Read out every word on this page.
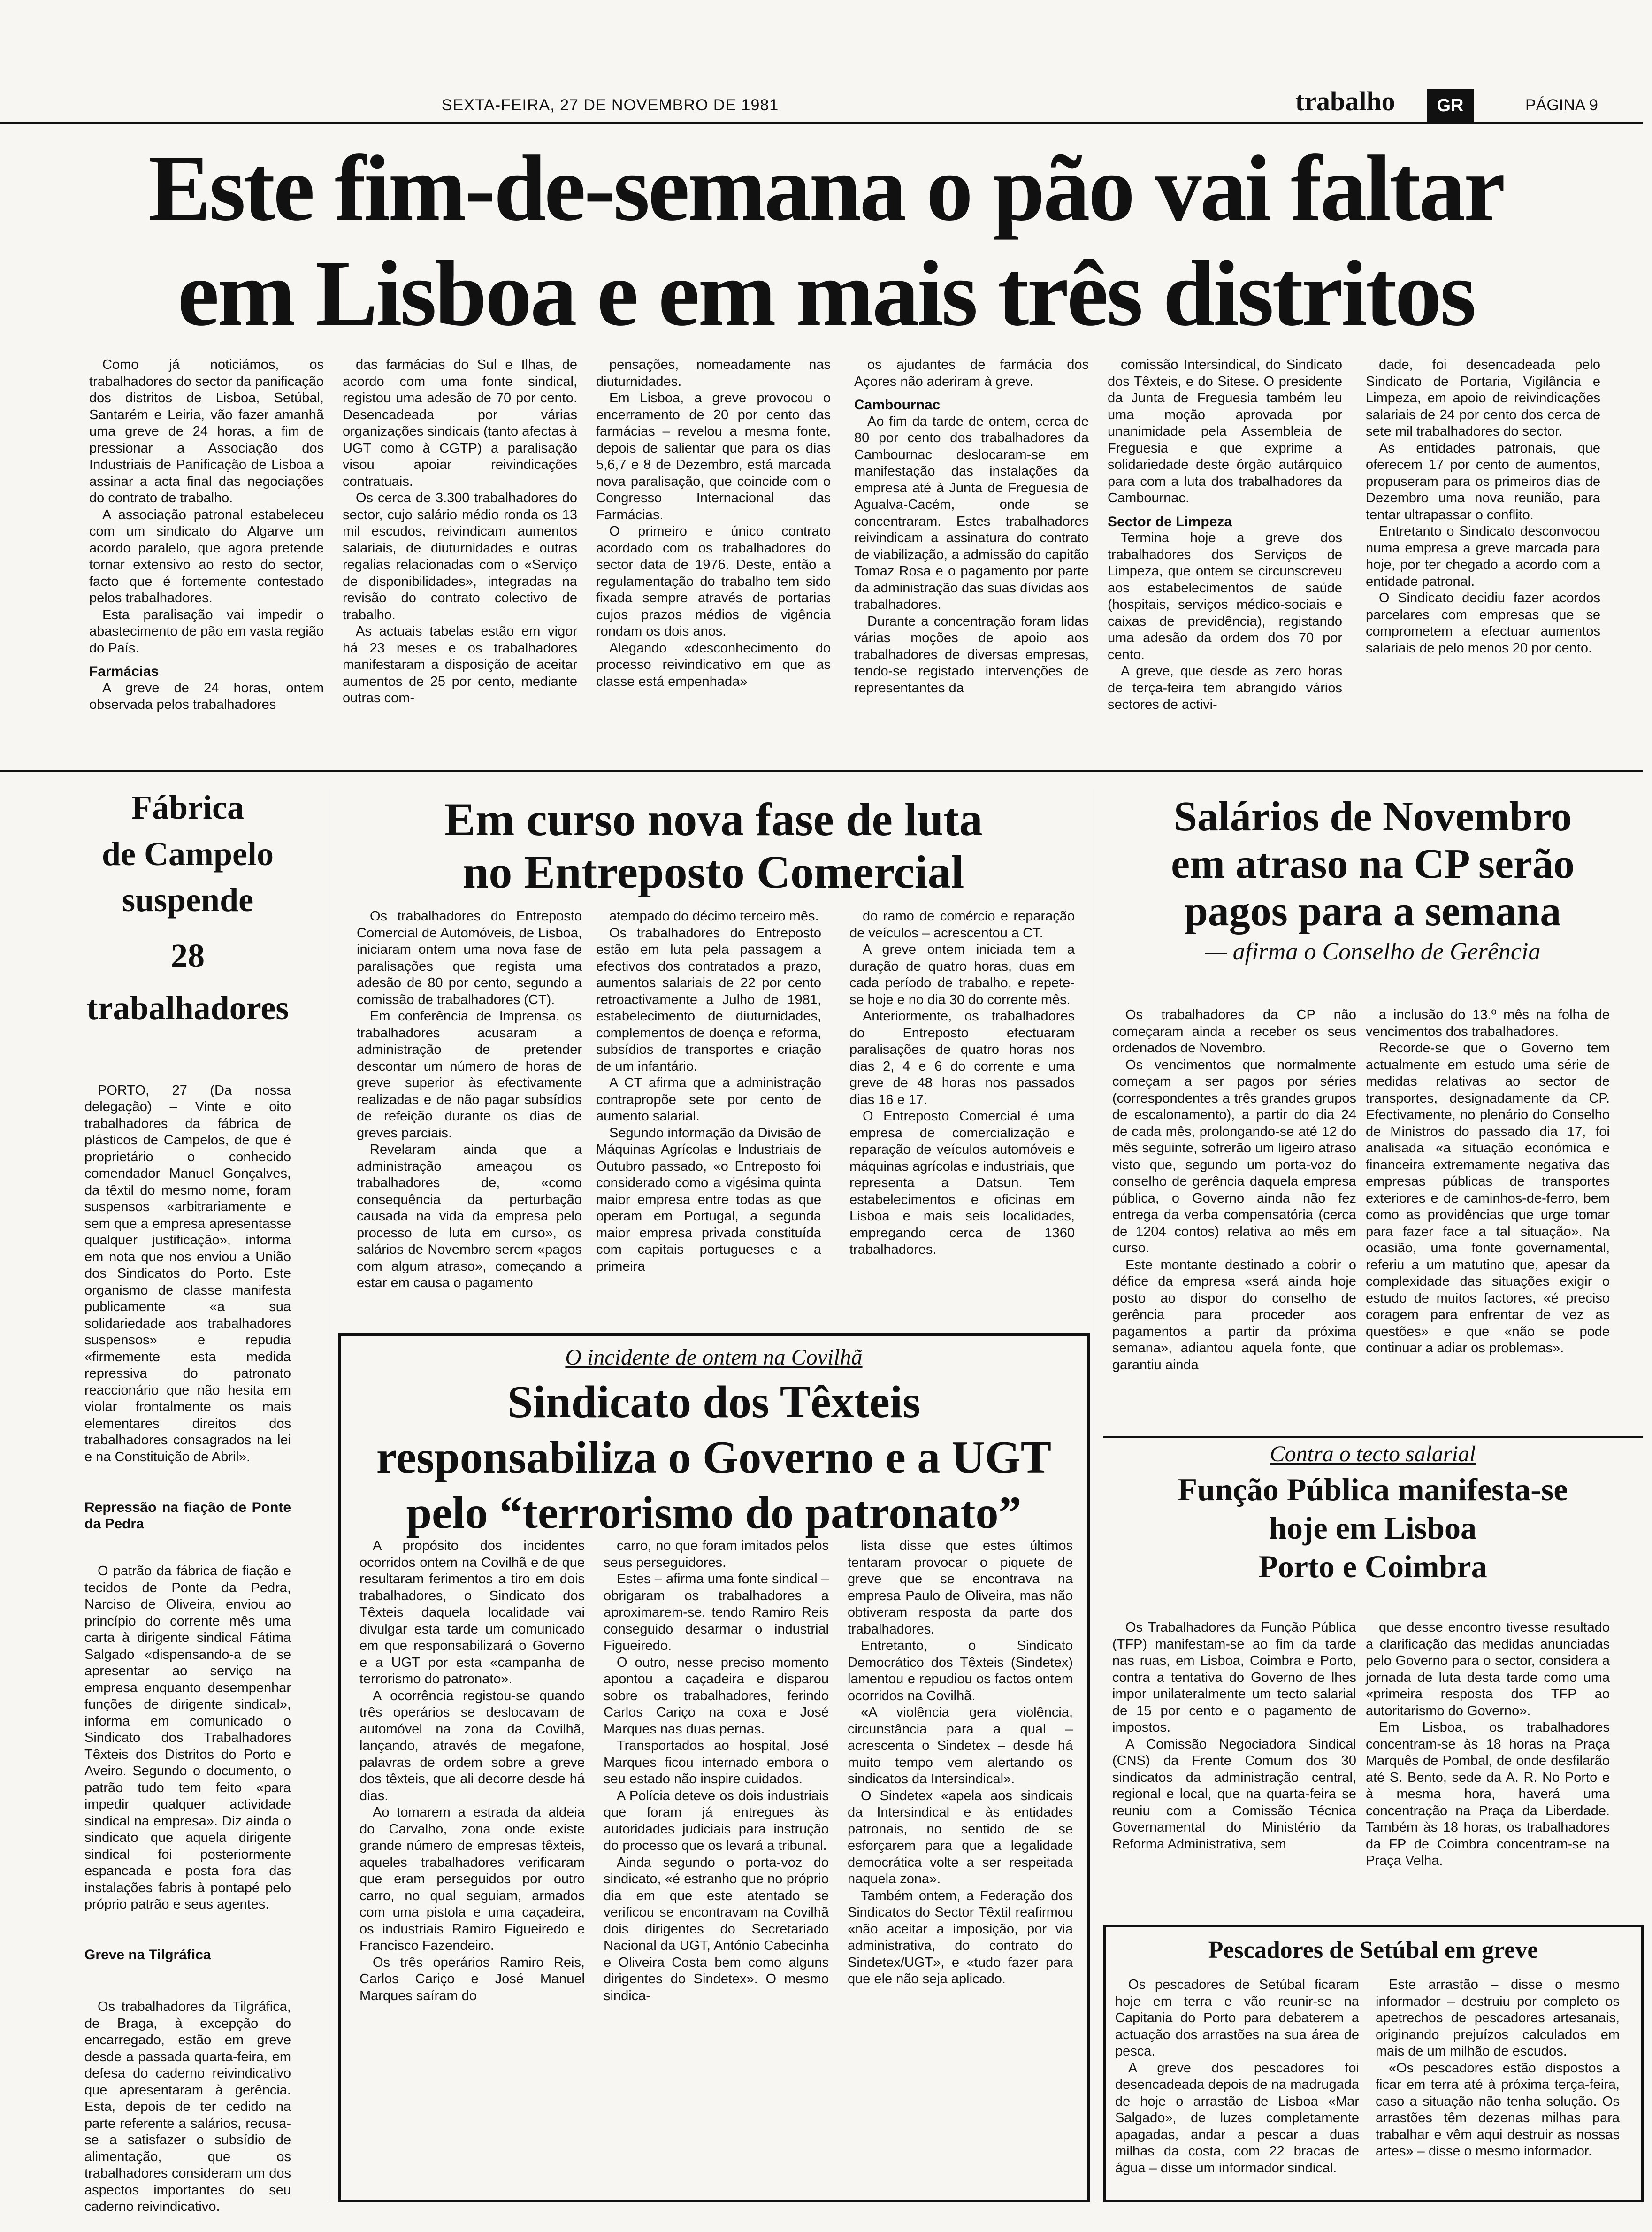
SEXTA-FEIRA, 27 DE NOVEMBRO DE 1981	trabalho	GR	PÁGINA 9

Este fim-de-semana o pão vai faltar

em Lisboa e em mais três distritos

Como já noticiámos, os trabalhadores do sector da panificação dos distritos de Lisboa, Setúbal, Santarém e Leiria, vão fazer amanhã uma greve de 24 horas, a fim de pressionar a Associação dos Industriais de Panificação de Lisboa a assinar a acta final das negociações do contrato de trabalho.

A associação patronal estabeleceu com um sindicato do Algarve um acordo paralelo, que agora pretende tornar extensivo ao resto do sector, facto que é fortemente contestado pelos trabalhadores.

Esta paralisação vai impedir o abastecimento de pão em vasta região do País.

Farmácias

A greve de 24 horas, ontem observada pelos trabalhadores

das farmácias do Sul e Ilhas, de acordo com uma fonte sindical, registou uma adesão de 70 por cento. Desencadeada por várias organizações sindicais (tanto afectas à UGT como à CGTP) a paralisação visou apoiar reivindicações contratuais.

Os cerca de 3.300 trabalhadores do sector, cujo salário médio ronda os 13 mil escudos, reivindicam aumentos salariais, de diuturnidades e outras regalias relacionadas com o «Serviço de disponibilidades», integradas na revisão do contrato colectivo de trabalho.

As actuais tabelas estão em vigor há 23 meses e os trabalhadores manifestaram a disposição de aceitar aumentos de 25 por cento, mediante outras com-

pensações, nomeadamente nas diuturnidades.

Em Lisboa, a greve provocou o encerramento de 20 por cento das farmácias – revelou a mesma fonte, depois de salientar que para os dias 5,6,7 e 8 de Dezembro, está marcada nova paralisação, que coincide com o Congresso Internacional das Farmácias.

O primeiro e único contrato acordado com os trabalhadores do sector data de 1976. Deste, então a regulamentação do trabalho tem sido fixada sempre através de portarias cujos prazos médios de vigência rondam os dois anos.

Alegando «desconhecimento do processo reivindicativo em que as classe está empenhada»

os ajudantes de farmácia dos Açores não aderiram à greve.

Cambournac

Ao fim da tarde de ontem, cerca de 80 por cento dos trabalhadores da Cambournac deslocaram-se em manifestação das instalações da empresa até à Junta de Freguesia de Agualva-Cacém, onde se concentraram. Estes trabalhadores reivindicam a assinatura do contrato de viabilização, a admissão do capitão Tomaz Rosa e o pagamento por parte da administração das suas dívidas aos trabalhadores.

Durante a concentração foram lidas várias moções de apoio aos trabalhadores de diversas empresas, tendo-se registado intervenções de representantes da

comissão Intersindical, do Sindicato dos Têxteis, e do Sitese. O presidente da Junta de Freguesia também leu uma moção aprovada por unanimidade pela Assembleia de Freguesia e que exprime a solidariedade deste órgão autárquico para com a luta dos trabalhadores da Cambournac.

Sector de Limpeza

Termina hoje a greve dos trabalhadores dos Serviços de Limpeza, que ontem se circunscreveu aos estabelecimentos de saúde (hospitais, serviços médico-sociais e caixas de previdência), registando uma adesão da ordem dos 70 por cento.

A greve, que desde as zero horas de terça-feira tem abrangido vários sectores de activi-

dade, foi desencadeada pelo Sindicato de Portaria, Vigilância e Limpeza, em apoio de reivindicações salariais de 24 por cento dos cerca de sete mil trabalhadores do sector.

As entidades patronais, que oferecem 17 por cento de aumentos, propuseram para os primeiros dias de Dezembro uma nova reunião, para tentar ultrapassar o conflito.

Entretanto o Sindicato desconvocou numa empresa a greve marcada para hoje, por ter chegado a acordo com a entidade patronal.

O Sindicato decidiu fazer acordos parcelares com empresas que se comprometem a efectuar aumentos salariais de pelo menos 20 por cento.

Fábrica

de Campelo

suspende

28

trabalhadores

PORTO, 27 (Da nossa delegação) – Vinte e oito trabalhadores da fábrica de plásticos de Campelos, de que é proprietário o conhecido comendador Manuel Gonçalves, da têxtil do mesmo nome, foram suspensos «arbitrariamente e sem que a empresa apresentasse qualquer justificação», informa em nota que nos enviou a União dos Sindicatos do Porto. Este organismo de classe manifesta publicamente «a sua solidariedade aos trabalhadores suspensos» e repudia «firmemente esta medida repressiva do patronato reaccionário que não hesita em violar frontalmente os mais elementares direitos dos trabalhadores consagrados na lei e na Constituição de Abril».

Repressão na fiação de Ponte da Pedra

O patrão da fábrica de fiação e tecidos de Ponte da Pedra, Narciso de Oliveira, enviou ao princípio do corrente mês uma carta à dirigente sindical Fátima Salgado «dispensando-a de se apresentar ao serviço na empresa enquanto desempenhar funções de dirigente sindical», informa em comunicado o Sindicato dos Trabalhadores Têxteis dos Distritos do Porto e Aveiro. Segundo o documento, o patrão tudo tem feito «para impedir qualquer actividade sindical na empresa». Diz ainda o sindicato que aquela dirigente sindical foi posteriormente espancada e posta fora das instalações fabris à pontapé pelo próprio patrão e seus agentes.

Greve na Tilgráfica

Os trabalhadores da Tilgráfica, de Braga, à excepção do encarregado, estão em greve desde a passada quarta-feira, em defesa do caderno reivindicativo que apresentaram à gerência. Esta, depois de ter cedido na parte referente a salários, recusa-se a satisfazer o subsídio de alimentação, que os trabalhadores consideram um dos aspectos importantes do seu caderno reivindicativo.

Em curso nova fase de luta

no Entreposto Comercial

Os trabalhadores do Entreposto Comercial de Automóveis, de Lisboa, iniciaram ontem uma nova fase de paralisações que regista uma adesão de 80 por cento, segundo a comissão de trabalhadores (CT).

Em conferência de Imprensa, os trabalhadores acusaram a administração de pretender descontar um número de horas de greve superior às efectivamente realizadas e de não pagar subsídios de refeição durante os dias de greves parciais.

Revelaram ainda que a administração ameaçou os trabalhadores de, «como consequência da perturbação causada na vida da empresa pelo processo de luta em curso», os salários de Novembro serem «pagos com algum atraso», começando a estar em causa o pagamento

atempado do décimo terceiro mês.

Os trabalhadores do Entreposto estão em luta pela passagem a efectivos dos contratados a prazo, aumentos salariais de 22 por cento retroactivamente a Julho de 1981, estabelecimento de diuturnidades, complementos de doença e reforma, subsídios de transportes e criação de um infantário.

A CT afirma que a administração contrapropõe sete por cento de aumento salarial.

Segundo informação da Divisão de Máquinas Agrícolas e Industriais de Outubro passado, «o Entreposto foi considerado como a vigésima quinta maior empresa entre todas as que operam em Portugal, a segunda maior empresa privada constituída com capitais portugueses e a primeira

do ramo de comércio e reparação de veículos – acrescentou a CT.

A greve ontem iniciada tem a duração de quatro horas, duas em cada período de trabalho, e repete-se hoje e no dia 30 do corrente mês.

Anteriormente, os trabalhadores do Entreposto efectuaram paralisações de quatro horas nos dias 2, 4 e 6 do corrente e uma greve de 48 horas nos passados dias 16 e 17.

O Entreposto Comercial é uma empresa de comercialização e reparação de veículos automóveis e máquinas agrícolas e industriais, que representa a Datsun. Tem estabelecimentos e oficinas em Lisboa e mais seis localidades, empregando cerca de 1360 trabalhadores.

Salários de Novembro

em atraso na CP serão

pagos para a semana

— afirma o Conselho de Gerência

Os trabalhadores da CP não começaram ainda a receber os seus ordenados de Novembro.

Os vencimentos que normalmente começam a ser pagos por séries (correspondentes a três grandes grupos de escalonamento), a partir do dia 24 de cada mês, prolongando-se até 12 do mês seguinte, sofrerão um ligeiro atraso visto que, segundo um porta-voz do conselho de gerência daquela empresa pública, o Governo ainda não fez entrega da verba compensatória (cerca de 1204 contos) relativa ao mês em curso.

Este montante destinado a cobrir o défice da empresa «será ainda hoje posto ao dispor do conselho de gerência para proceder aos pagamentos a partir da próxima semana», adiantou aquela fonte, que garantiu ainda

a inclusão do 13.º mês na folha de vencimentos dos trabalhadores.

Recorde-se que o Governo tem actualmente em estudo uma série de medidas relativas ao sector de transportes, designadamente da CP. Efectivamente, no plenário do Conselho de Ministros do passado dia 17, foi analisada «a situação económica e financeira extremamente negativa das empresas públicas de transportes exteriores e de caminhos-de-ferro, bem como as providências que urge tomar para fazer face a tal situação». Na ocasião, uma fonte governamental, referiu a um matutino que, apesar da complexidade das situações exigir o estudo de muitos factores, «é preciso coragem para enfrentar de vez as questões» e que «não se pode continuar a adiar os problemas».

O incidente de ontem na Covilhã

Sindicato dos Têxteis

responsabiliza o Governo e a UGT

pelo “terrorismo do patronato”

A propósito dos incidentes ocorridos ontem na Covilhã e de que resultaram ferimentos a tiro em dois trabalhadores, o Sindicato dos Têxteis daquela localidade vai divulgar esta tarde um comunicado em que responsabilizará o Governo e a UGT por esta «campanha de terrorismo do patronato».

A ocorrência registou-se quando três operários se deslocavam de automóvel na zona da Covilhã, lançando, através de megafone, palavras de ordem sobre a greve dos têxteis, que ali decorre desde há dias.

Ao tomarem a estrada da aldeia do Carvalho, zona onde existe grande número de empresas têxteis, aqueles trabalhadores verificaram que eram perseguidos por outro carro, no qual seguiam, armados com uma pistola e uma caçadeira, os industriais Ramiro Figueiredo e Francisco Fazendeiro.

Os três operários Ramiro Reis, Carlos Cariço e José Manuel Marques saíram do

carro, no que foram imitados pelos seus perseguidores.

Estes – afirma uma fonte sindical – obrigaram os trabalhadores a aproximarem-se, tendo Ramiro Reis conseguido desarmar o industrial Figueiredo.

O outro, nesse preciso momento apontou a caçadeira e disparou sobre os trabalhadores, ferindo Carlos Cariço na coxa e José Marques nas duas pernas.

Transportados ao hospital, José Marques ficou internado embora o seu estado não inspire cuidados.

A Polícia deteve os dois industriais que foram já entregues às autoridades judiciais para instrução do processo que os levará a tribunal.

Ainda segundo o porta-voz do sindicato, «é estranho que no próprio dia em que este atentado se verificou se encontravam na Covilhã dois dirigentes do Secretariado Nacional da UGT, António Cabecinha e Oliveira Costa bem como alguns dirigentes do Sindetex». O mesmo sindica-

lista disse que estes últimos tentaram provocar o piquete de greve que se encontrava na empresa Paulo de Oliveira, mas não obtiveram resposta da parte dos trabalhadores.

Entretanto, o Sindicato Democrático dos Têxteis (Sindetex) lamentou e repudiou os factos ontem ocorridos na Covilhã.

«A violência gera violência, circunstância para a qual – acrescenta o Sindetex – desde há muito tempo vem alertando os sindicatos da Intersindical».

O Sindetex «apela aos sindicais da Intersindical e às entidades patronais, no sentido de se esforçarem para que a legalidade democrática volte a ser respeitada naquela zona».

Também ontem, a Federação dos Sindicatos do Sector Têxtil reafirmou «não aceitar a imposição, por via administrativa, do contrato do Sindetex/UGT», e «tudo fazer para que ele não seja aplicado.

Contra o tecto salarial

Função Pública manifesta-se

hoje em Lisboa

Porto e Coimbra

Os Trabalhadores da Função Pública (TFP) manifestam-se ao fim da tarde nas ruas, em Lisboa, Coimbra e Porto, contra a tentativa do Governo de lhes impor unilateralmente um tecto salarial de 15 por cento e o pagamento de impostos.

A Comissão Negociadora Sindical (CNS) da Frente Comum dos 30 sindicatos da administração central, regional e local, que na quarta-feira se reuniu com a Comissão Técnica Governamental do Ministério da Reforma Administrativa, sem

que desse encontro tivesse resultado a clarificação das medidas anunciadas pelo Governo para o sector, considera a jornada de luta desta tarde como uma «primeira resposta dos TFP ao autoritarismo do Governo».

Em Lisboa, os trabalhadores concentram-se às 18 horas na Praça Marquês de Pombal, de onde desfilarão até S. Bento, sede da A. R. No Porto e à mesma hora, haverá uma concentração na Praça da Liberdade. Também às 18 horas, os trabalhadores da FP de Coimbra concentram-se na Praça Velha.

Pescadores de Setúbal em greve

Os pescadores de Setúbal ficaram hoje em terra e vão reunir-se na Capitania do Porto para debaterem a actuação dos arrastões na sua área de pesca.

A greve dos pescadores foi desencadeada depois de na madrugada de hoje o arrastão de Lisboa «Mar Salgado», de luzes completamente apagadas, andar a pescar a duas milhas da costa, com 22 bracas de água – disse um informador sindical.

Este arrastão – disse o mesmo informador – destruiu por completo os apetrechos de pescadores artesanais, originando prejuízos calculados em mais de um milhão de escudos.

«Os pescadores estão dispostos a ficar em terra até à próxima terça-feira, caso a situação não tenha solução. Os arrastões têm dezenas milhas para trabalhar e vêm aqui destruir as nossas artes» – disse o mesmo informador.
